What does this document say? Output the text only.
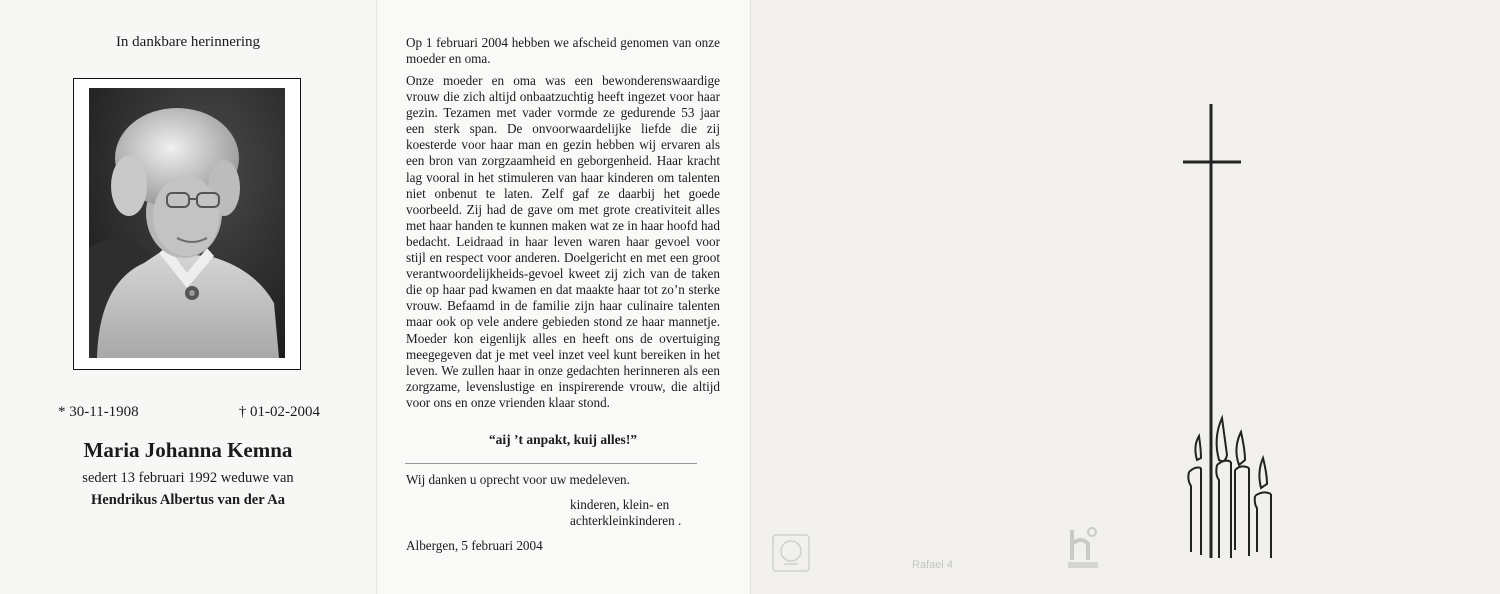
In dankbare herinnering
* 30-11-1908	† 01-02-2004
Maria Johanna Kemna
sedert 13 februari 1992 weduwe van
Hendrikus Albertus van der Aa
Op 1 februari 2004 hebben we afscheid genomen van onze moeder en oma.
Onze moeder en oma was een bewonderenswaardige vrouw die zich altijd onbaatzuchtig heeft ingezet voor haar gezin. Tezamen met vader vormde ze gedurende 53 jaar een sterk span. De onvoorwaardelijke liefde die zij koesterde voor haar man en gezin hebben wij ervaren als een bron van zorgzaamheid en geborgenheid. Haar kracht lag vooral in het stimuleren van haar kinderen om talenten niet onbenut te laten. Zelf gaf ze daarbij het goede voorbeeld. Zij had de gave om met grote creativiteit alles met haar handen te kunnen maken wat ze in haar hoofd had bedacht. Leidraad in haar leven waren haar gevoel voor stijl en respect voor anderen. Doelgericht en met een groot verantwoordelijkheids-gevoel kweet zij zich van de taken die op haar pad kwamen en dat maakte haar tot zo’n sterke vrouw. Befaamd in de familie zijn haar culinaire talenten maar ook op vele andere gebieden stond ze haar mannetje. Moeder kon eigenlijk alles en heeft ons de overtuiging meegegeven dat je met veel inzet veel kunt bereiken in het leven. We zullen haar in onze gedachten herinneren als een zorgzame, levenslustige en inspirerende vrouw, die altijd voor ons en onze vrienden klaar stond.
“aij ’t anpakt, kuij alles!”
Wij danken u oprecht voor uw medeleven.
kinderen, klein- en
achterkleinkinderen .
Albergen, 5 februari 2004
Rafael 4
